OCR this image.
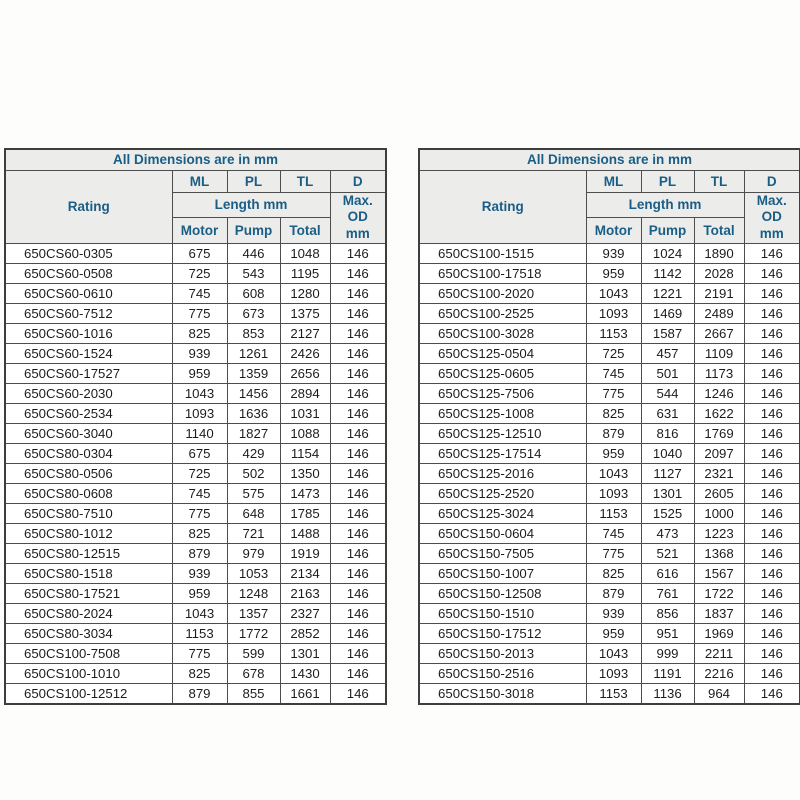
All Dimensions are in mm				
Rating	ML	PL	TL	D
	Length mm			Max. OD
mm

	Motor	Pump	Total	
650CS60-0305	675	446	1048	146
650CS60-0508	725	543	1195	146
650CS60-0610	745	608	1280	146
650CS60-7512	775	673	1375	146
650CS60-1016	825	853	2127	146
650CS60-1524	939	1261	2426	146
650CS60-17527	959	1359	2656	146
650CS60-2030	1043	1456	2894	146
650CS60-2534	1093	1636	1031	146
650CS60-3040	1140	1827	1088	146
650CS80-0304	675	429	1154	146
650CS80-0506	725	502	1350	146
650CS80-0608	745	575	1473	146
650CS80-7510	775	648	1785	146
650CS80-1012	825	721	1488	146
650CS80-12515	879	979	1919	146
650CS80-1518	939	1053	2134	146
650CS80-17521	959	1248	2163	146
650CS80-2024	1043	1357	2327	146
650CS80-3034	1153	1772	2852	146
650CS100-7508	775	599	1301	146
650CS100-1010	825	678	1430	146
650CS100-12512	879	855	1661	146
All Dimensions are in mm				
Rating	ML	PL	TL	D
	Length mm			Max. OD
mm

	Motor	Pump	Total	
650CS100-1515	939	1024	1890	146
650CS100-17518	959	1142	2028	146
650CS100-2020	1043	1221	2191	146
650CS100-2525	1093	1469	2489	146
650CS100-3028	1153	1587	2667	146
650CS125-0504	725	457	1109	146
650CS125-0605	745	501	1173	146
650CS125-7506	775	544	1246	146
650CS125-1008	825	631	1622	146
650CS125-12510	879	816	1769	146
650CS125-17514	959	1040	2097	146
650CS125-2016	1043	1127	2321	146
650CS125-2520	1093	1301	2605	146
650CS125-3024	1153	1525	1000	146
650CS150-0604	745	473	1223	146
650CS150-7505	775	521	1368	146
650CS150-1007	825	616	1567	146
650CS150-12508	879	761	1722	146
650CS150-1510	939	856	1837	146
650CS150-17512	959	951	1969	146
650CS150-2013	1043	999	2211	146
650CS150-2516	1093	1191	2216	146
650CS150-3018	1153	1136	964	146
